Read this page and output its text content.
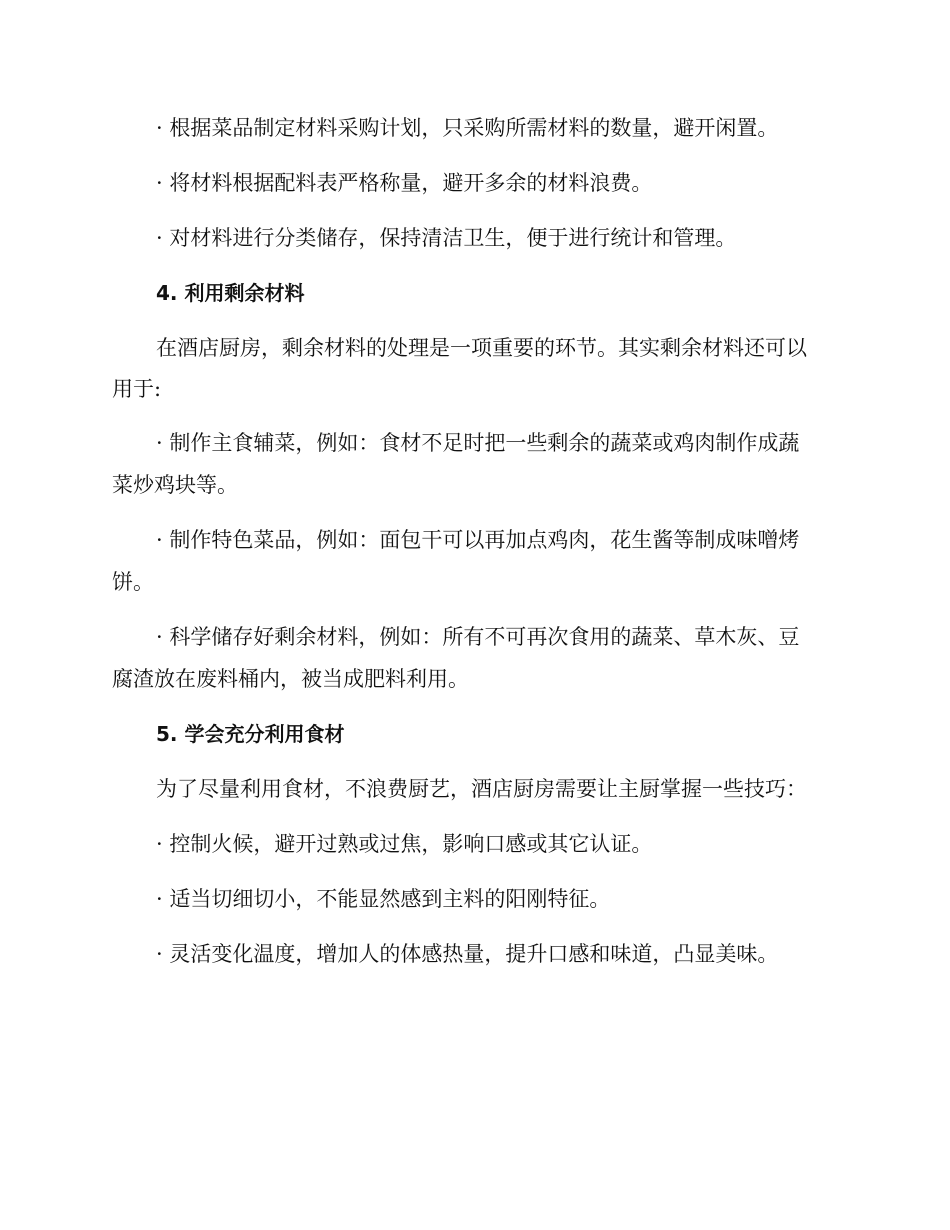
· 根据菜品制定材料采购计划，只采购所需材料的数量，避开闲置。
· 将材料根据配料表严格称量，避开多余的材料浪费。
· 对材料进行分类储存，保持清洁卫生，便于进行统计和管理。
4. 利用剩余材料
在酒店厨房，剩余材料的处理是一项重要的环节。其实剩余材料还可以
用于:
· 制作主食辅菜，例如：食材不足时把一些剩余的蔬菜或鸡肉制作成蔬
菜炒鸡块等。
· 制作特色菜品，例如：面包干可以再加点鸡肉，花生酱等制成味噌烤
饼。
· 科学储存好剩余材料，例如：所有不可再次食用的蔬菜、草木灰、豆
腐渣放在废料桶内，被当成肥料利用。
5. 学会充分利用食材
为了尽量利用食材，不浪费厨艺，酒店厨房需要让主厨掌握一些技巧：
· 控制火候，避开过熟或过焦，影响口感或其它认证。
· 适当切细切小，不能显然感到主料的阳刚特征。
· 灵活变化温度，增加人的体感热量，提升口感和味道，凸显美味。
